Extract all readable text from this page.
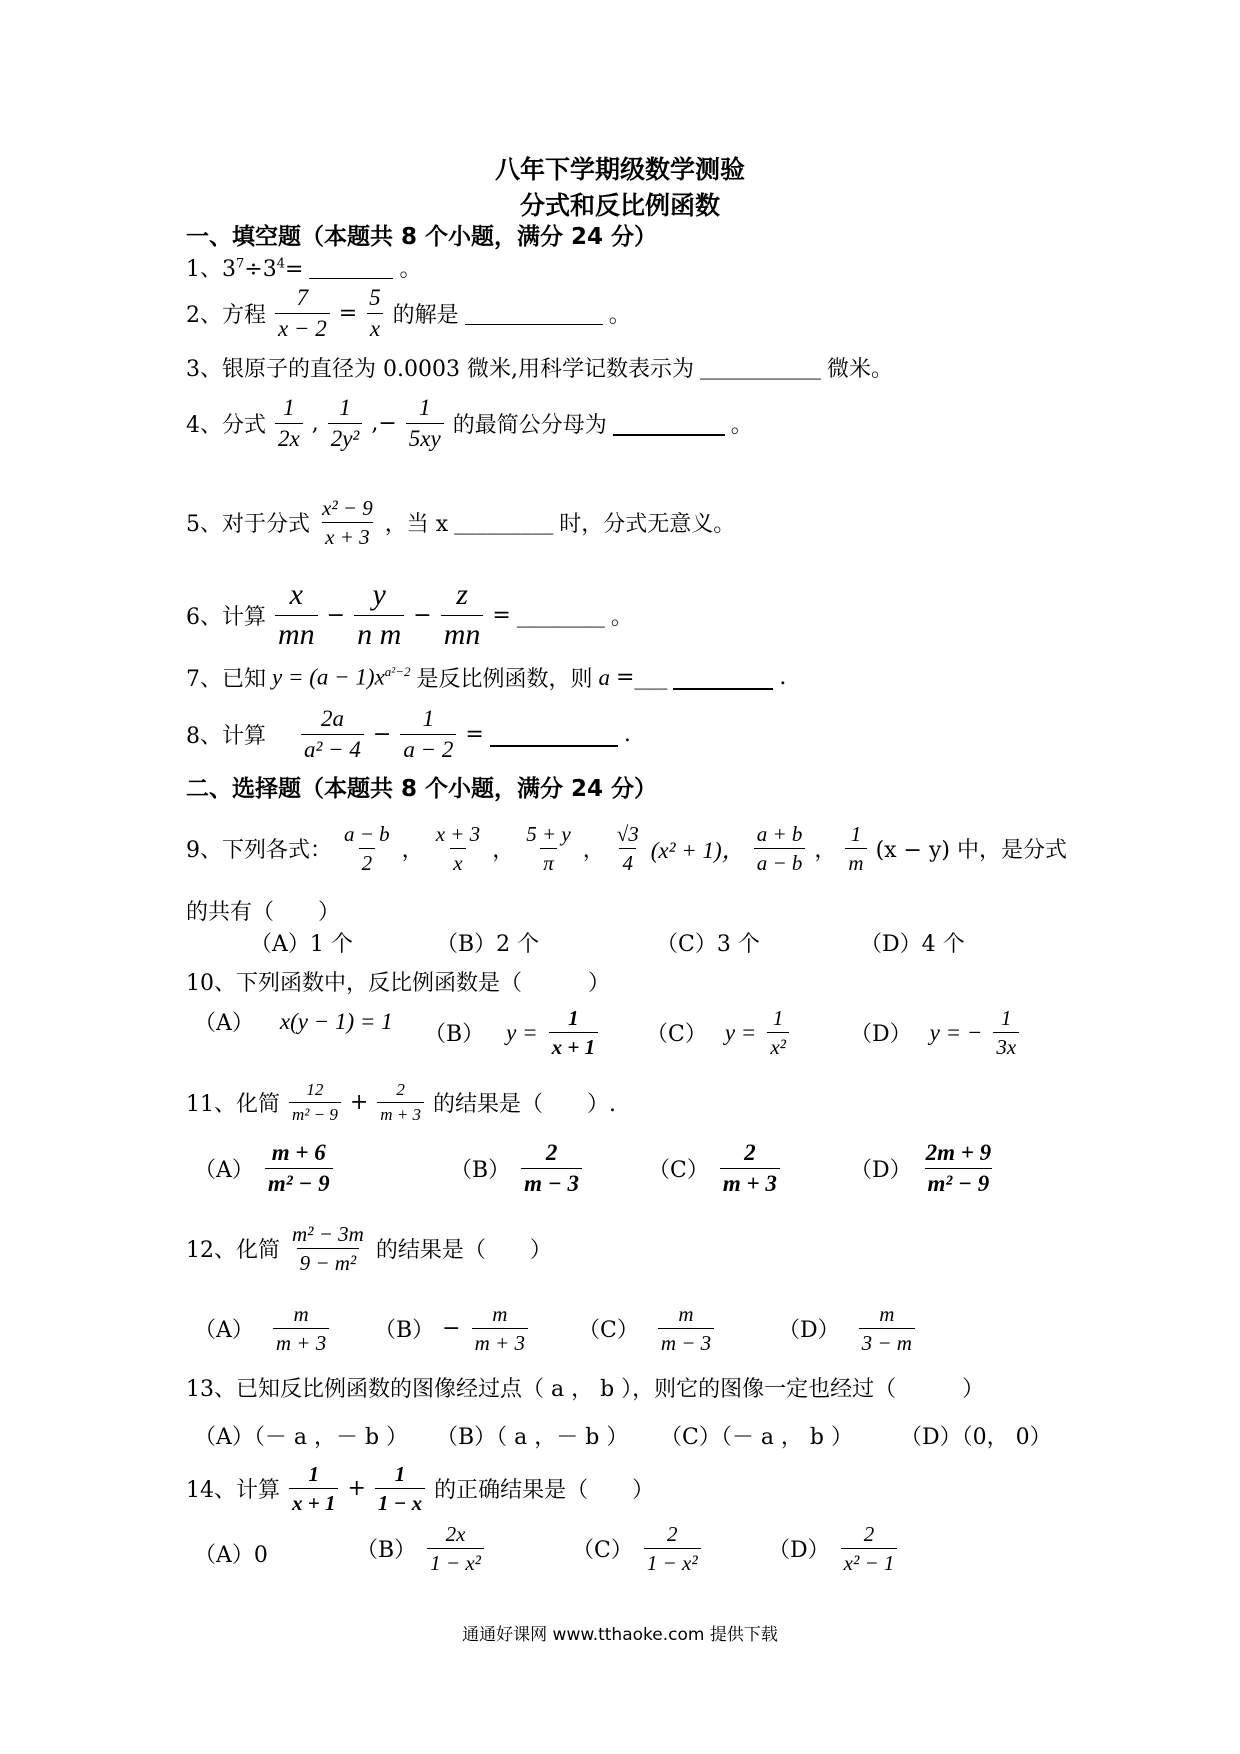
八年下学期级数学测验
分式和反比例函数
一、填空题（本题共 8 个小题，满分 24 分）
1、$3^7\div 3^4=$	。
2、方程 $\frac{7}{x - 2} = \frac{5}{x}$ 的解是	。
3、银原子的直径为 0.0003 微米,用科学记数表示为 ___________ 微米。
4、分式 $\frac{1}{2x}$ , $\frac{1}{\text{2y²}}$ ,− $\frac{1}{5xy}$ 的最简公分母为	。
5、对于分式 $\frac{\text{x² − 9}}{x + 3}$ ，当 x _________ 时，分式无意义。
6、计算 $\frac{x}{mn} - \frac{y}{\text{n m}} - \frac{z}{mn}$ = ________ 。
7、已知 $y = (a - 1)x^{a^2-2}$ 是反比例函数，则 a =___	.
8、计算 $\frac{2a}{\text{a² − 4}} - \frac{1}{a - 2}$ =	.
二、选择题（本题共 8 个小题，满分 24 分）
9、下列各式： $\frac{a - b}{2}$ ， $\frac{x + 3}{x}$ ， $\frac{5 + y}{\pi}$ ， $\frac{√3}{4} (x^2 + 1)$， $\frac{a + b}{a - b}$ ， $\frac{1}{m} (x - y)$ 中，是分式
的共有（　　）
（A）1 个	（B）2 个	（C）3 个	（D）4 个
10、下列函数中，反比例函数是（　　　）
（A） x(y − 1) = 1
（B） $y = \frac{1}{x + 1} (C) y = \frac{1}{\text{x²}}$	（D） y = − $\frac{1}{3x}$
11、化简 $\frac{12}{\text{m² − 9}} + \frac{2}{m + 3}$ 的结果是（　　）.
$(A) \frac{m + 6}{\text{m² − 9}}$	$(B) \frac{2}{m - 3}$	$(C) \frac{2}{m + 3}$	$(D) \frac{2m + 9}{\text{m² − 9}}$
12、化简 $\frac{\text{m² − 3m}}{\text{9 − m²}}$ 的结果是（　　）
$(A) \frac{m}{m + 3} (B) - \frac{m}{m + 3} (C) \frac{m}{m - 3}$	$(D) \frac{m}{3 - m}$
13、已知反比例函数的图像经过点（ a ， b ），则它的图像一定也经过（　　　）
（A）（－ a ，－ b ） （B）（ a ，－ b ） （C）（－ a ， b ） （D）（0， 0）
14、计算 $\frac{1}{x + 1} + \frac{1}{1 - x}$ 的正确结果是（　　）
（A）0	$(B) \frac{2x}{\text{1 − x²}}$	$(C) \frac{2}{\text{1 − x²}}$	$(D) \frac{2}{\text{x² − 1}}$
通通好课网 www.tthaoke.com 提供下载
